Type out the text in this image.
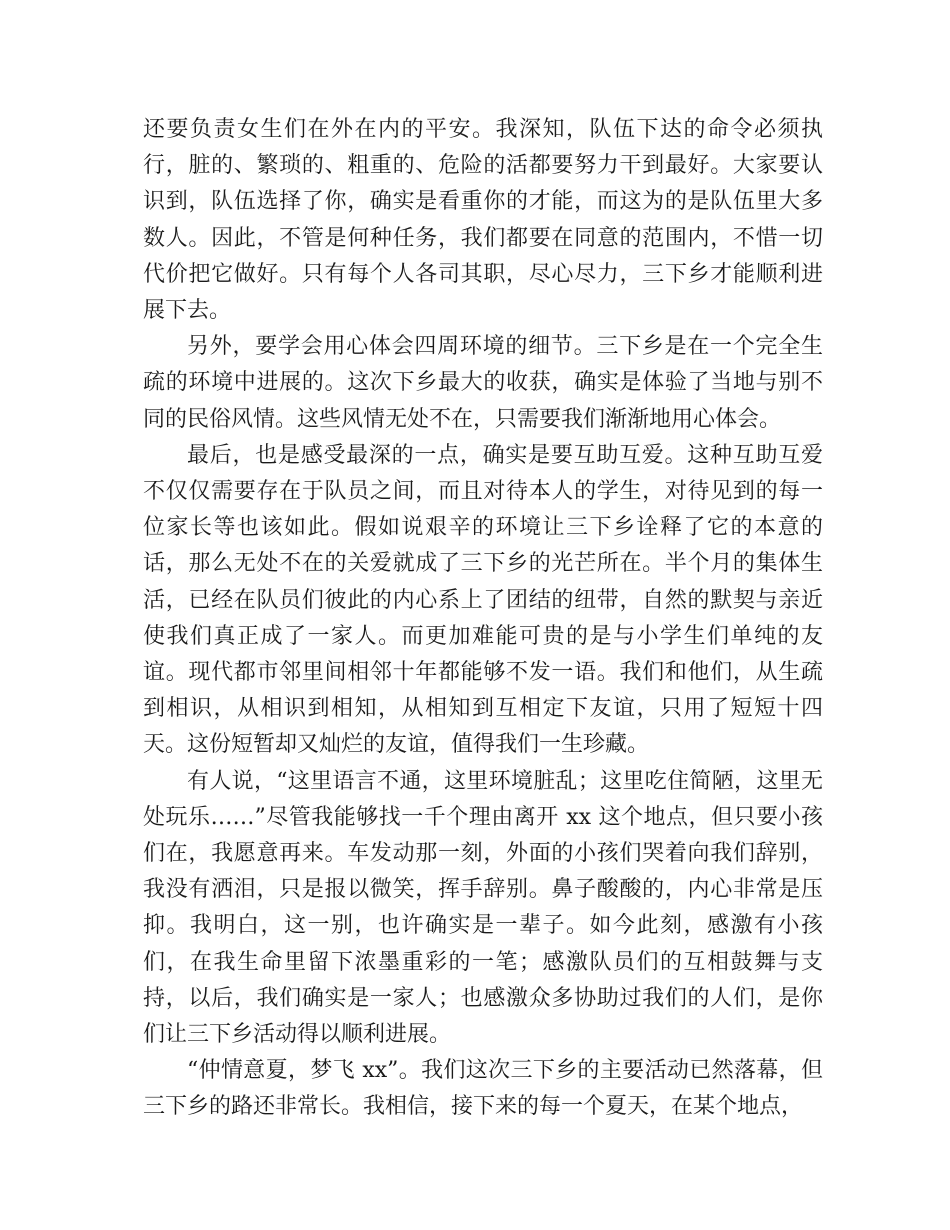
还要负责女生们在外在内的平安。我深知，队伍下达的命令必须执行，脏的、繁琐的、粗重的、危险的活都要努力干到最好。大家要认识到，队伍选择了你，确实是看重你的才能，而这为的是队伍里大多数人。因此，不管是何种任务，我们都要在同意的范围内，不惜一切代价把它做好。只有每个人各司其职，尽心尽力，三下乡才能顺利进展下去。

另外，要学会用心体会四周环境的细节。三下乡是在一个完全生疏的环境中进展的。这次下乡最大的收获，确实是体验了当地与别不同的民俗风情。这些风情无处不在，只需要我们渐渐地用心体会。

最后，也是感受最深的一点，确实是要互助互爱。这种互助互爱不仅仅需要存在于队员之间，而且对待本人的学生，对待见到的每一位家长等也该如此。假如说艰辛的环境让三下乡诠释了它的本意的话，那么无处不在的关爱就成了三下乡的光芒所在。半个月的集体生活，已经在队员们彼此的内心系上了团结的纽带，自然的默契与亲近使我们真正成了一家人。而更加难能可贵的是与小学生们单纯的友谊。现代都市邻里间相邻十年都能够不发一语。我们和他们，从生疏到相识，从相识到相知，从相知到互相定下友谊，只用了短短十四天。这份短暂却又灿烂的友谊，值得我们一生珍藏。

有人说，“这里语言不通，这里环境脏乱；这里吃住简陋，这里无处玩乐……”尽管我能够找一千个理由离开 xx 这个地点，但只要小孩们在，我愿意再来。车发动那一刻，外面的小孩们哭着向我们辞别，我没有洒泪，只是报以微笑，挥手辞别。鼻子酸酸的，内心非常是压抑。我明白，这一别，也许确实是一辈子。如今此刻，感激有小孩们，在我生命里留下浓墨重彩的一笔；感激队员们的互相鼓舞与支持，以后，我们确实是一家人；也感激众多协助过我们的人们，是你们让三下乡活动得以顺利进展。

“仲情意夏，梦飞 xx”。我们这次三下乡的主要活动已然落幕，但三下乡的路还非常长。我相信，接下来的每一个夏天，在某个地点，
